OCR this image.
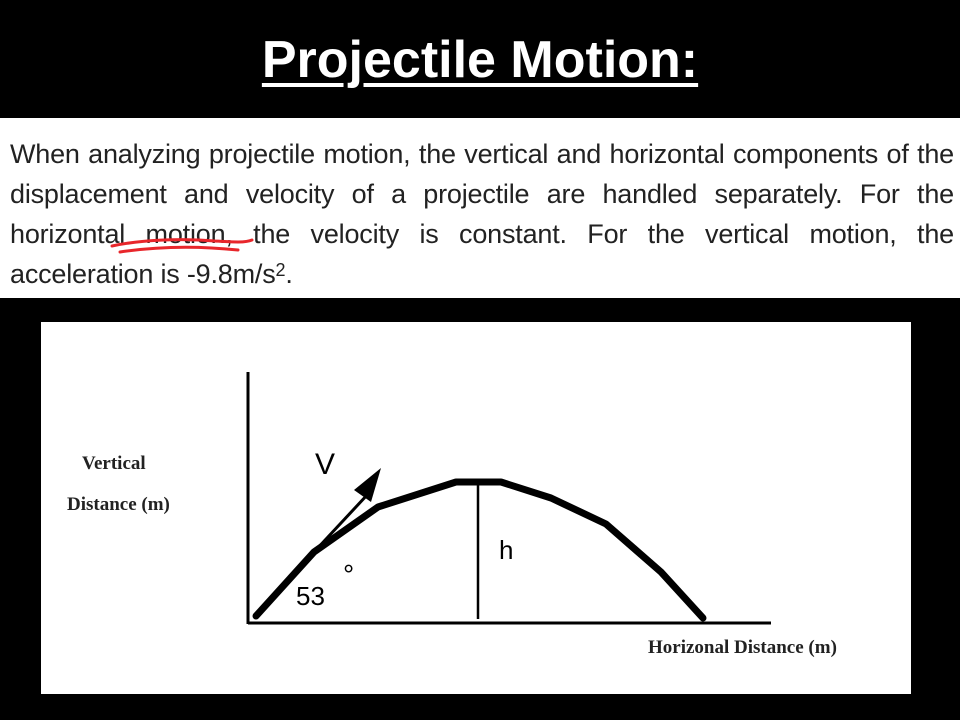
Projectile Motion:

When analyzing projectile motion, the vertical and horizontal components of the displacement and velocity of a projectile are handled separately. For the horizontal motion, the velocity is constant. For the vertical motion, the acceleration is $-9.8m/s^2$.

V
h
53
°
Vertical
Distance (m)
Horizonal Distance (m)
